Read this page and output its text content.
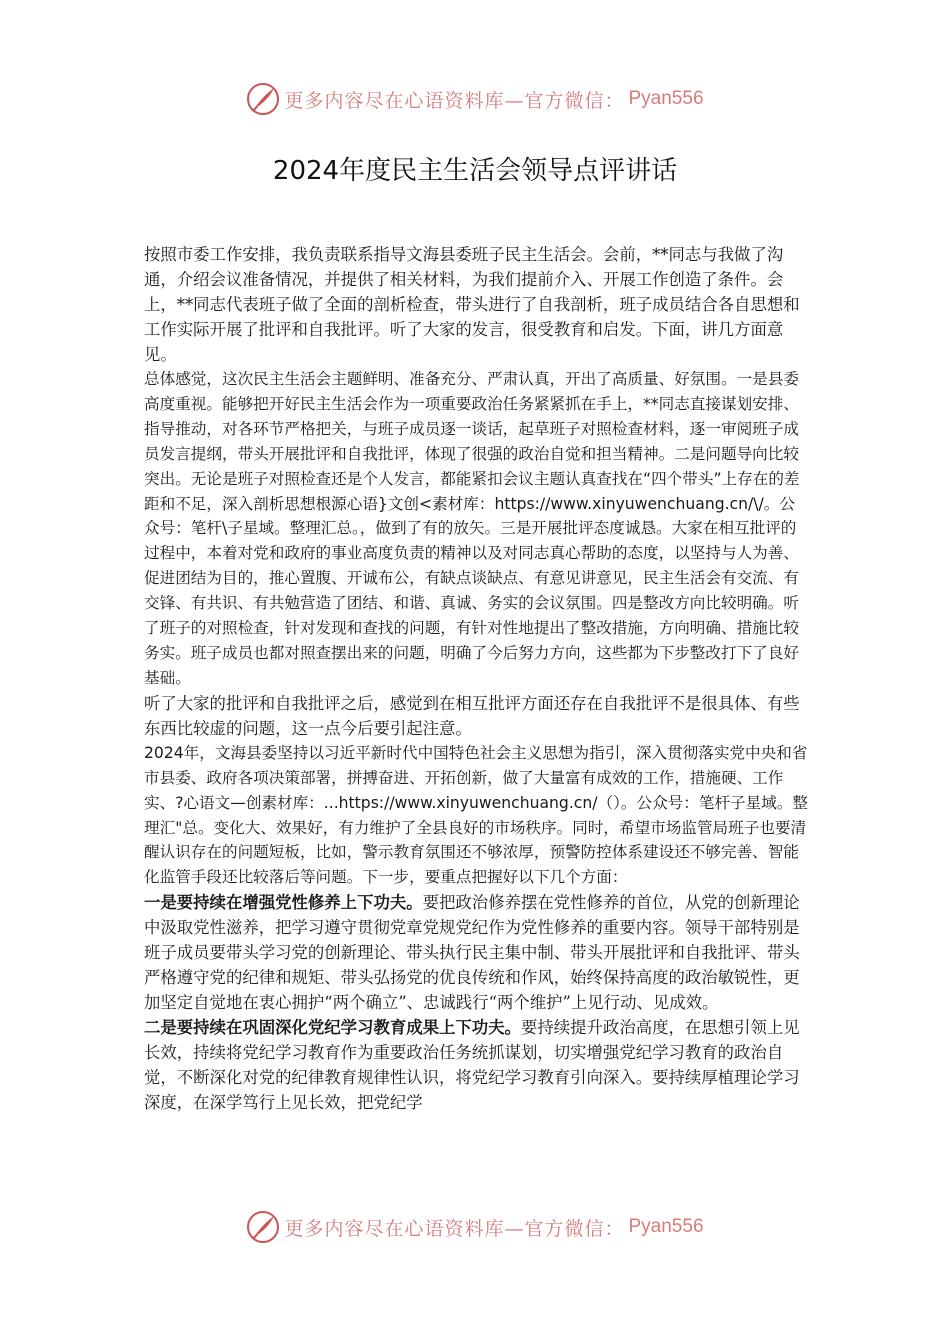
更多内容尽在心语资料库—官方微信： Pyan556
2024年度民主生活会领导点评讲话

按照市委工作安排，我负责联系指导文海县委班子民主生活会。会前，**同志与我做了沟通，介绍会议准备情况，并提供了相关材料，为我们提前介入、开展工作创造了条件。会上，**同志代表班子做了全面的剖析检查，带头进行了自我剖析，班子成员结合各自思想和工作实际开展了批评和自我批评。听了大家的发言，很受教育和启发。下面，讲几方面意见。

总体感觉，这次民主生活会主题鲜明、准备充分、严肃认真，开出了高质量、好氛围。一是县委高度重视。能够把开好民主生活会作为一项重要政治任务紧紧抓在手上，**同志直接谋划安排、指导推动，对各环节严格把关，与班子成员逐一谈话，起草班子对照检查材料，逐一审阅班子成员发言提纲，带头开展批评和自我批评，体现了很强的政治自觉和担当精神。二是问题导向比较突出。无论是班子对照检查还是个人发言，都能紧扣会议主题认真查找在“四个带头”上存在的差距和不足，深入剖析思想根源心语}文创<素材库：https://www.xinyuwenchuang.cn/\/。公众号：笔杆\子星域。整理汇总。，做到了有的放矢。三是开展批评态度诚恳。大家在相互批评的过程中，本着对党和政府的事业高度负责的精神以及对同志真心帮助的态度，以坚持与人为善、促进团结为目的，推心置腹、开诚布公，有缺点谈缺点、有意见讲意见，民主生活会有交流、有交锋、有共识、有共勉营造了团结、和谐、真诚、务实的会议氛围。四是整改方向比较明确。听了班子的对照检查，针对发现和查找的问题，有针对性地提出了整改措施，方向明确、措施比较务实。班子成员也都对照查摆出来的问题，明确了今后努力方向，这些都为下步整改打下了良好基础。

听了大家的批评和自我批评之后，感觉到在相互批评方面还存在自我批评不是很具体、有些东西比较虚的问题，这一点今后要引起注意。

2024年，文海县委坚持以习近平新时代中国特色社会主义思想为指引，深入贯彻落实党中央和省市县委、政府各项决策部署，拼搏奋进、开拓创新，做了大量富有成效的工作，措施硬、工作实、?心语文—创素材库：...https://www.xinyuwenchuang.cn/（）。公众号：笔杆子星域。整理汇"总。变化大、效果好，有力维护了全县良好的市场秩序。同时，希望市场监管局班子也要清醒认识存在的问题短板，比如，警示教育氛围还不够浓厚，预警防控体系建设还不够完善、智能化监管手段还比较落后等问题。下一步，要重点把握好以下几个方面：

一是要持续在增强党性修养上下功夫。要把政治修养摆在党性修养的首位，从党的创新理论中汲取党性滋养，把学习遵守贯彻党章党规党纪作为党性修养的重要内容。领导干部特别是班子成员要带头学习党的创新理论、带头执行民主集中制、带头开展批评和自我批评、带头严格遵守党的纪律和规矩、带头弘扬党的优良传统和作风，始终保持高度的政治敏锐性，更加坚定自觉地在衷心拥护“两个确立”、忠诚践行“两个维护”上见行动、见成效。

二是要持续在巩固深化党纪学习教育成果上下功夫。要持续提升政治高度，在思想引领上见长效，持续将党纪学习教育作为重要政治任务统抓谋划，切实增强党纪学习教育的政治自觉，不断深化对党的纪律教育规律性认识，将党纪学习教育引向深入。要持续厚植理论学习深度，在深学笃行上见长效，把党纪学

更多内容尽在心语资料库—官方微信： Pyan556
